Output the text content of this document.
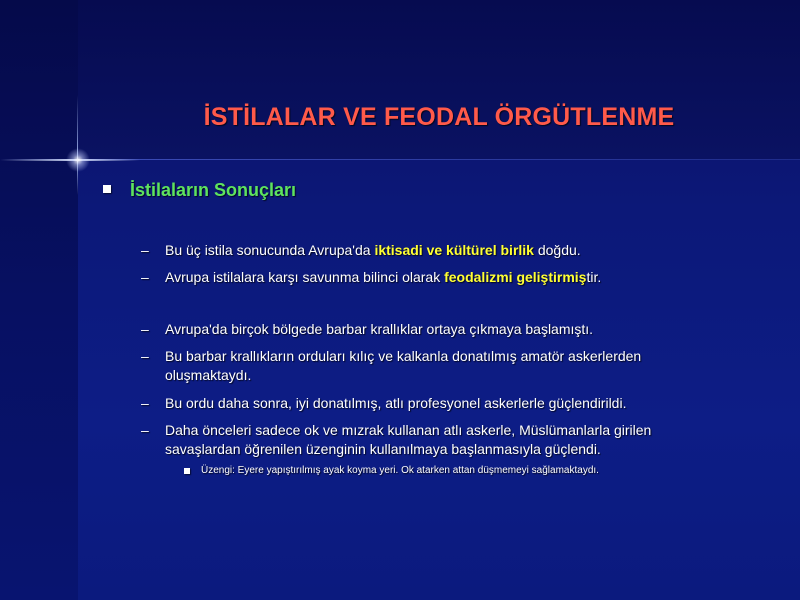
İSTİLALAR VE FEODAL ÖRGÜTLENME
İstilaların Sonuçları
– Bu üç istila sonucunda Avrupa'da iktisadi ve kültürel birlik doğdu.
– Avrupa istilalara karşı savunma bilinci olarak feodalizmi geliştirmiştir.
– Avrupa'da birçok bölgede barbar krallıklar ortaya çıkmaya başlamıştı.
– Bu barbar krallıkların orduları kılıç ve kalkanla donatılmış amatör askerlerden oluşmaktaydı.
– Bu ordu daha sonra, iyi donatılmış, atlı profesyonel askerlerle güçlendirildi.
– Daha önceleri sadece ok ve mızrak kullanan atlı askerle, Müslümanlarla girilen savaşlardan öğrenilen üzenginin kullanılmaya başlanmasıyla güçlendi.
Üzengi: Eyere yapıştırılmış ayak koyma yeri. Ok atarken attan düşmemeyi sağlamaktaydı.
